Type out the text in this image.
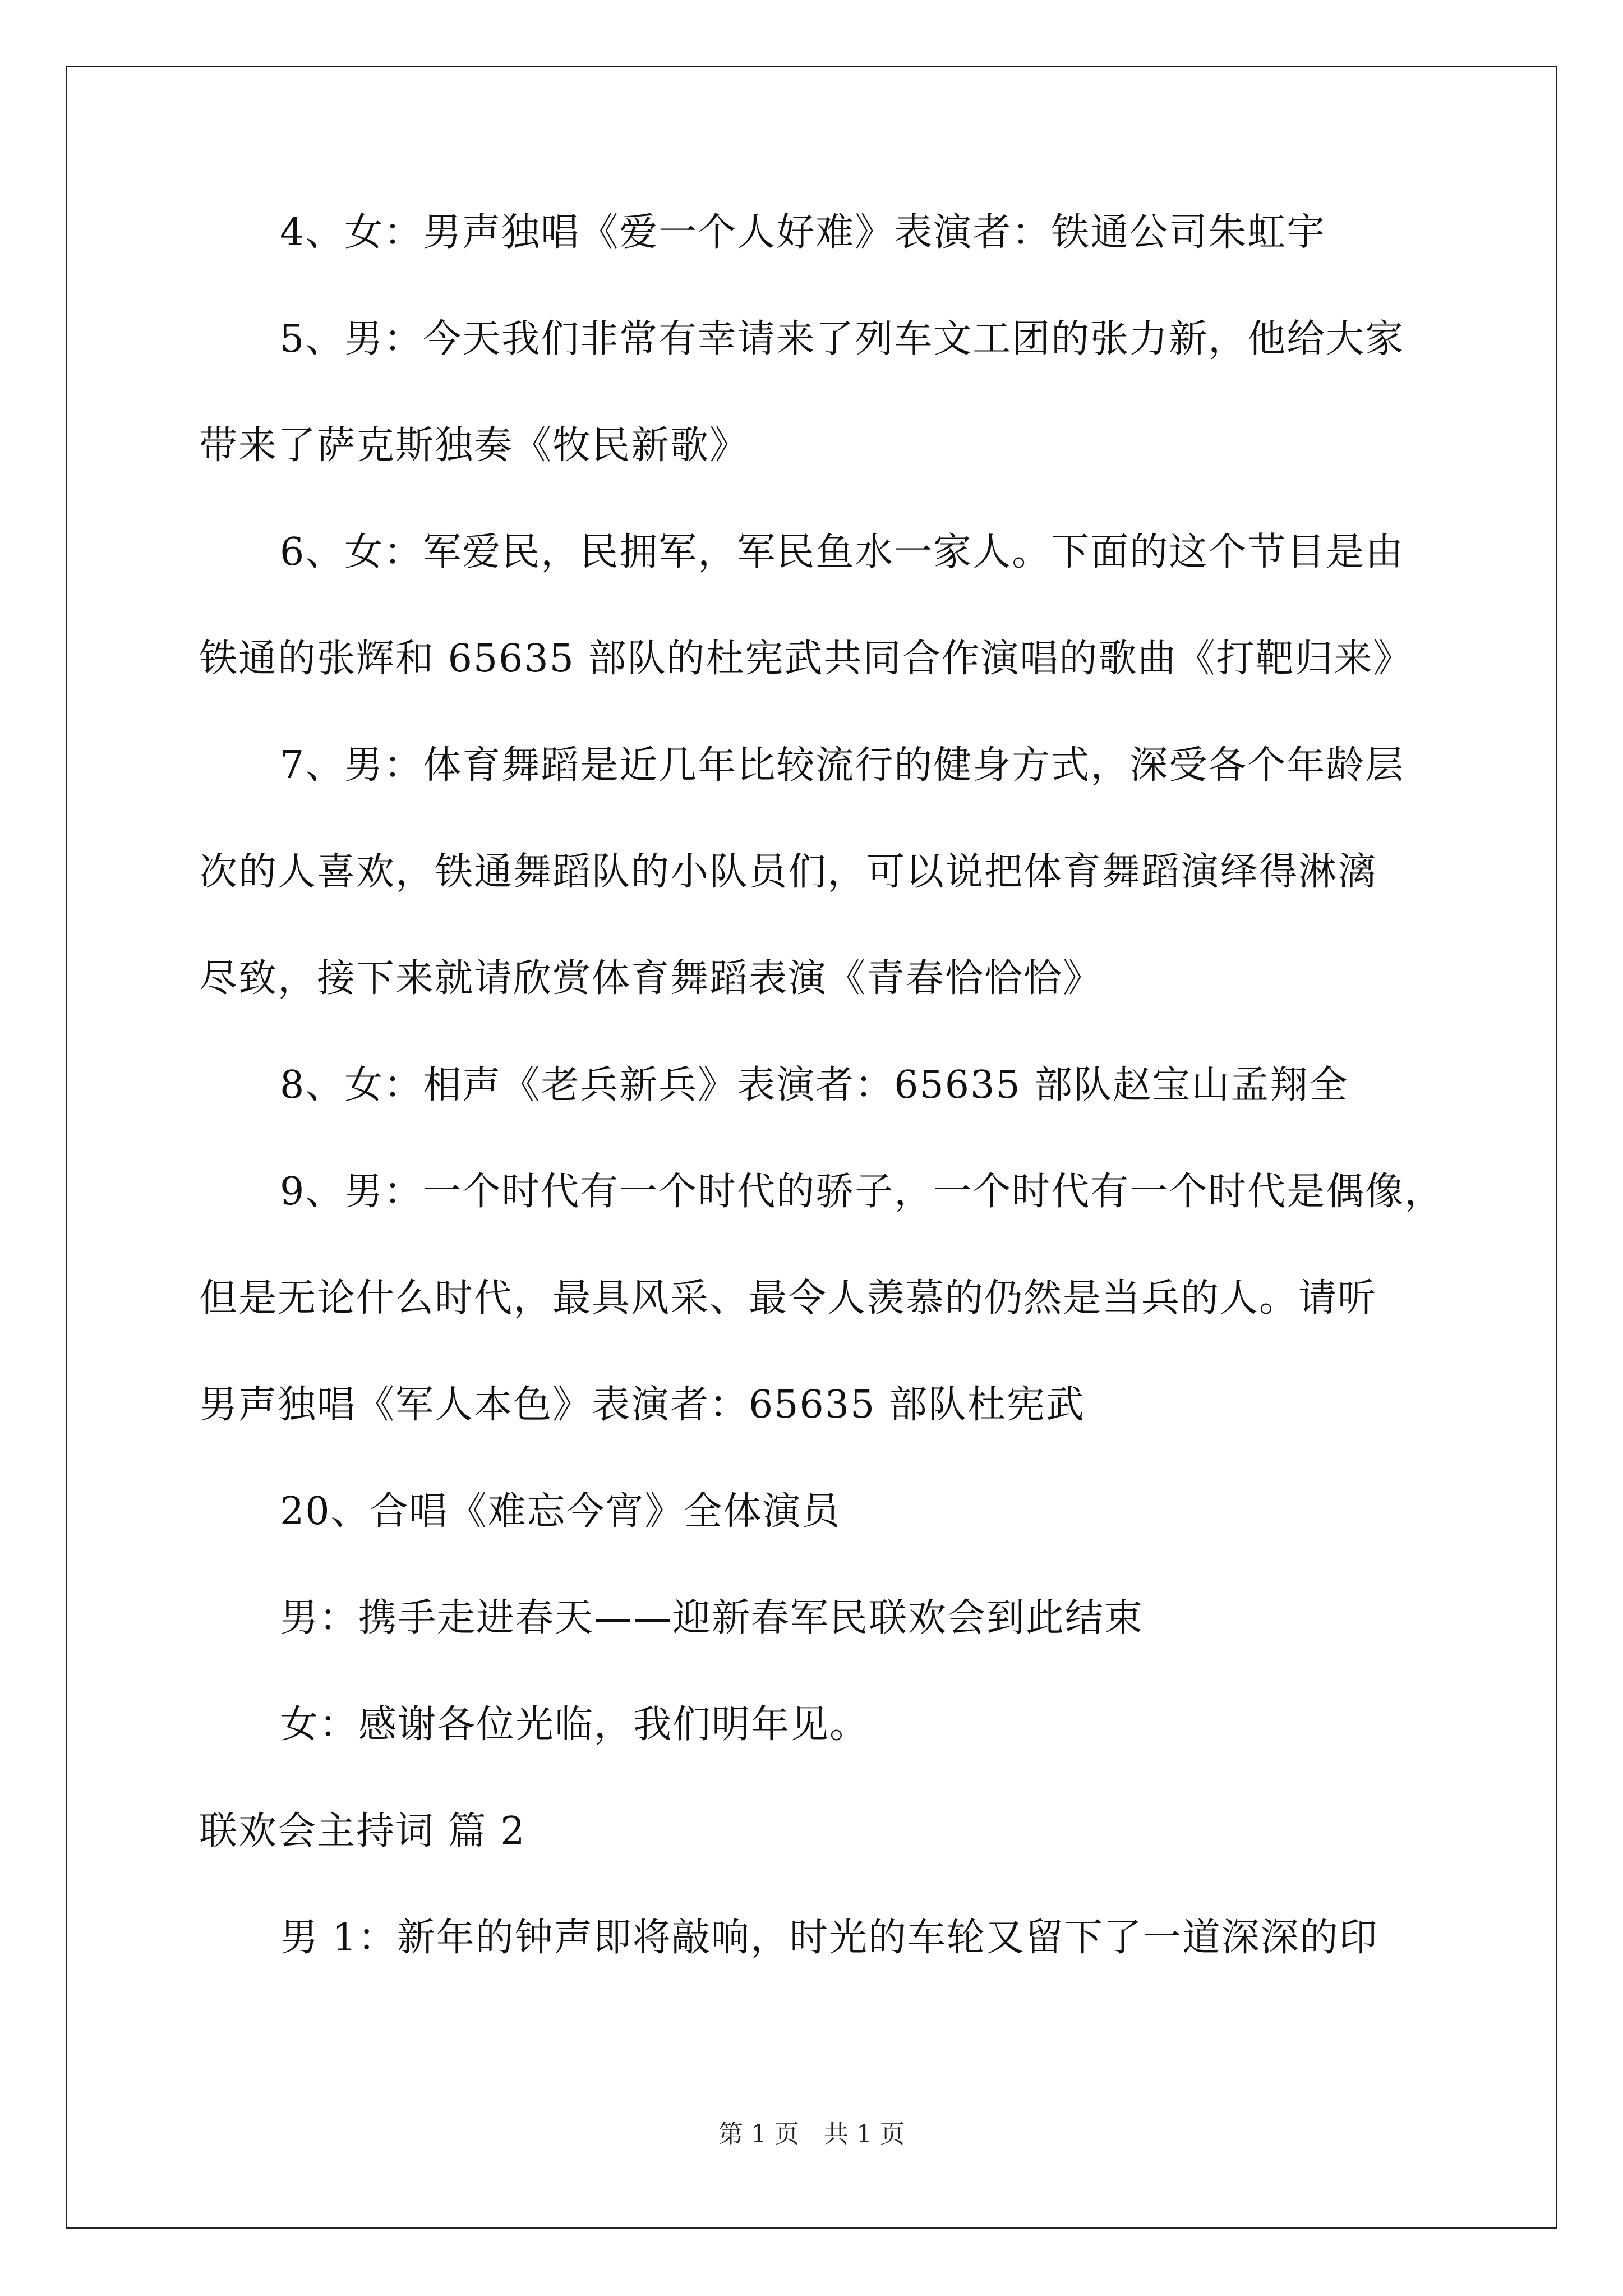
4、女：男声独唱《爱一个人好难》表演者：铁通公司朱虹宇
5、男：今天我们非常有幸请来了列车文工团的张力新，他给大家
带来了萨克斯独奏《牧民新歌》
6、女：军爱民，民拥军，军民鱼水一家人。下面的这个节目是由
铁通的张辉和 65635 部队的杜宪武共同合作演唱的歌曲《打靶归来》
7、男：体育舞蹈是近几年比较流行的健身方式，深受各个年龄层
次的人喜欢，铁通舞蹈队的小队员们，可以说把体育舞蹈演绎得淋漓
尽致，接下来就请欣赏体育舞蹈表演《青春恰恰恰》
8、女：相声《老兵新兵》表演者：65635 部队赵宝山孟翔全
9、男：一个时代有一个时代的骄子，一个时代有一个时代是偶像，
但是无论什么时代，最具风采、最令人羡慕的仍然是当兵的人。请听
男声独唱《军人本色》表演者：65635 部队杜宪武
20、合唱《难忘今宵》全体演员
男：携手走进春天——迎新春军民联欢会到此结束
女：感谢各位光临，我们明年见。
联欢会主持词 篇 2
男 1：新年的钟声即将敲响，时光的车轮又留下了一道深深的印
第 1 页　共 1 页
